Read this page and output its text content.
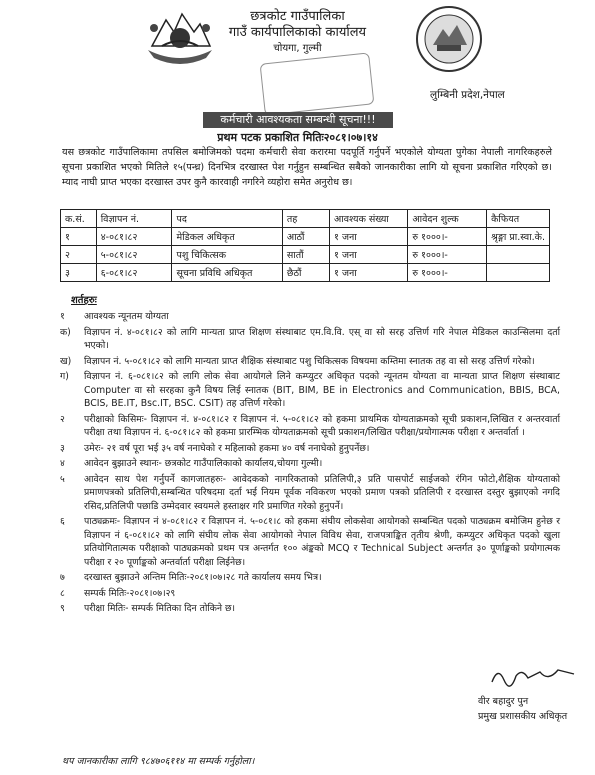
छत्रकोट गाउँपालिका
गाउँ कार्यपालिकाको कार्यालय
चोयगा, गुल्मी
लुम्बिनी प्रदेश,नेपाल
कर्मचारी आवश्यकता सम्बन्धी सूचना!!!
प्रथम पटक प्रकाशित मितिः२०८१।०७।१४
यस छत्रकोट गाउँपालिकामा तपसिल बमोजिमको पदमा कर्मचारी सेवा करारमा पदपूर्ति गर्नुपर्ने भएकोले योग्यता पुगेका नेपाली नागरिकहरुले सूचना प्रकाशित भएको मितिले १५(पन्ध्र) दिनभित्र दरखास्त पेश गर्नुहुन सम्बन्धित सबैको जानकारीका लागि यो सूचना प्रकाशित गरिएको छ।म्याद नाघी प्राप्त भएका दरखास्त उपर कुनै कारवाही नगरिने व्यहोरा समेत अनुरोध छ।
क.सं.	विज्ञापन नं.	पद	तह	आवश्यक संख्या	आवेदन शुल्क	कैफियत
१	४-०८१।८२	मेडिकल अधिकृत	आठौं	१ जना	रु १०००।-	श्रृङ्गा प्रा.स्वा.के.
२	५-०८१।८२	पशु चिकित्सक	सातौं	१ जना	रु १०००।-	
३	६-०८१।८२	सूचना प्रविधि अधिकृत	छैठौं	१ जना	रु १०००।-	
शर्तहरुः
१	आवश्यक न्यूनतम योग्यता
क)	विज्ञापन नं. ४-०८१।८२ को लागि मान्यता प्राप्त शिक्षण संस्थाबाट एम.वि.वि. एस् वा सो सरह उत्तिर्ण गरि नेपाल मेडिकल काउन्सिलमा दर्ता भएको।
ख)	विज्ञापन नं. ५-०८१।८२ को लागि मान्यता प्राप्त शैक्षिक संस्थाबाट पशु चिकित्सक विषयमा कम्तिमा स्नातक तह वा सो सरह उत्तिर्ण गरेको।
ग)	विज्ञापन नं. ६-०८१।८२ को लागि लोक सेवा आयोगले लिने कम्प्युटर अधिकृत पदको न्यूनतम योग्यता वा मान्यता प्राप्त शिक्षण संस्थाबाट Computer वा सो सरहका कुनै विषय लिई स्नातक (BIT, BIM, BE in Electronics and Communication, BBIS, BCA, BCIS, BE.IT, Bsc.IT, BSC. CSIT) तह उत्तिर्ण गरेको।
२	परीक्षाको किसिमः- विज्ञापन नं. ४-०८१।८२ र विज्ञापन नं. ५-०८१।८२ को हकमा प्राथमिक योग्यताक्रमको सूची प्रकाशन,लिखित र अन्तरवार्ता परीक्षा तथा विज्ञापन नं. ६-०८१।८२ को हकमा प्रारम्भिक योग्यताक्रमको सूची प्रकाशन/लिखित परीक्षा/प्रयोगात्मक परीक्षा र अन्तर्वार्ता ।
३	उमेरः- २१ वर्ष पूरा भई ३५ वर्ष ननाघेको र महिलाको हकमा ४० वर्ष ननाघेको हुनुपर्नेछ।
४	आवेदन बुझाउने स्थानः- छत्रकोट गाउँपालिकाको कार्यालय,चोयगा गुल्मी।
५	आवेदन साथ पेश गर्नुपर्ने कागजातहरुः- आवेदकको नागरिकताको प्रतिलिपी,३ प्रति पासपोर्ट साईजको रंगिन फोटो,शैक्षिक योग्यताको प्रमाणपत्रको प्रतिलिपी,सम्बन्धित परिषदमा दर्ता भई नियम पूर्वक नविकरण भएको प्रमाण पत्रको प्रतिलिपी र दरखास्त दस्तुर बुझाएको नगदि रसिद,प्रतिलिपी पछाडि उम्मेदवार स्वयमले हस्ताक्षर गरि प्रमाणित गरेको हुनुपर्ने।
६	पाठ्यक्रमः- विज्ञापन नं ४-०८१।८२ र विज्ञापन नं. ५-०८१।८ को हकमा संघीय लोकसेवा आयोगको सम्बन्धित पदको पाठ्यक्रम बमोजिम हुनेछ र विज्ञापन नं ६-०८१।८२ को लागि संघीय लोक सेवा आयोगको नेपाल विविध सेवा, राजपत्राङ्कित तृतीय श्रेणी, कम्प्युटर अधिकृत पदको खुला प्रतियोगितात्मक परीक्षाको पाठ्यक्रमको प्रथम पत्र अन्तर्गत १०० अंङ्कको MCQ र Technical Subject अन्तर्गत ३० पूर्णाङ्कको प्रयोगात्मक परीक्षा र २० पूर्णाङ्कको अन्तर्वार्ता परीक्षा लिईनेछ।
७	दरखास्त बुझाउने अन्तिम मितिः-२०८१।०७।२८ गते कार्यालय समय भित्र।
८	सम्पर्क मितिः-२०८१।०७।२९
९	परीक्षा मितिः- सम्पर्क मितिका दिन तोकिने छ।
वीर बहादुर पुन
प्रमुख प्रशासकीय अधिकृत
थप जानकारीका लागि ९८४७०६११४ मा सम्पर्क गर्नुहोला।
